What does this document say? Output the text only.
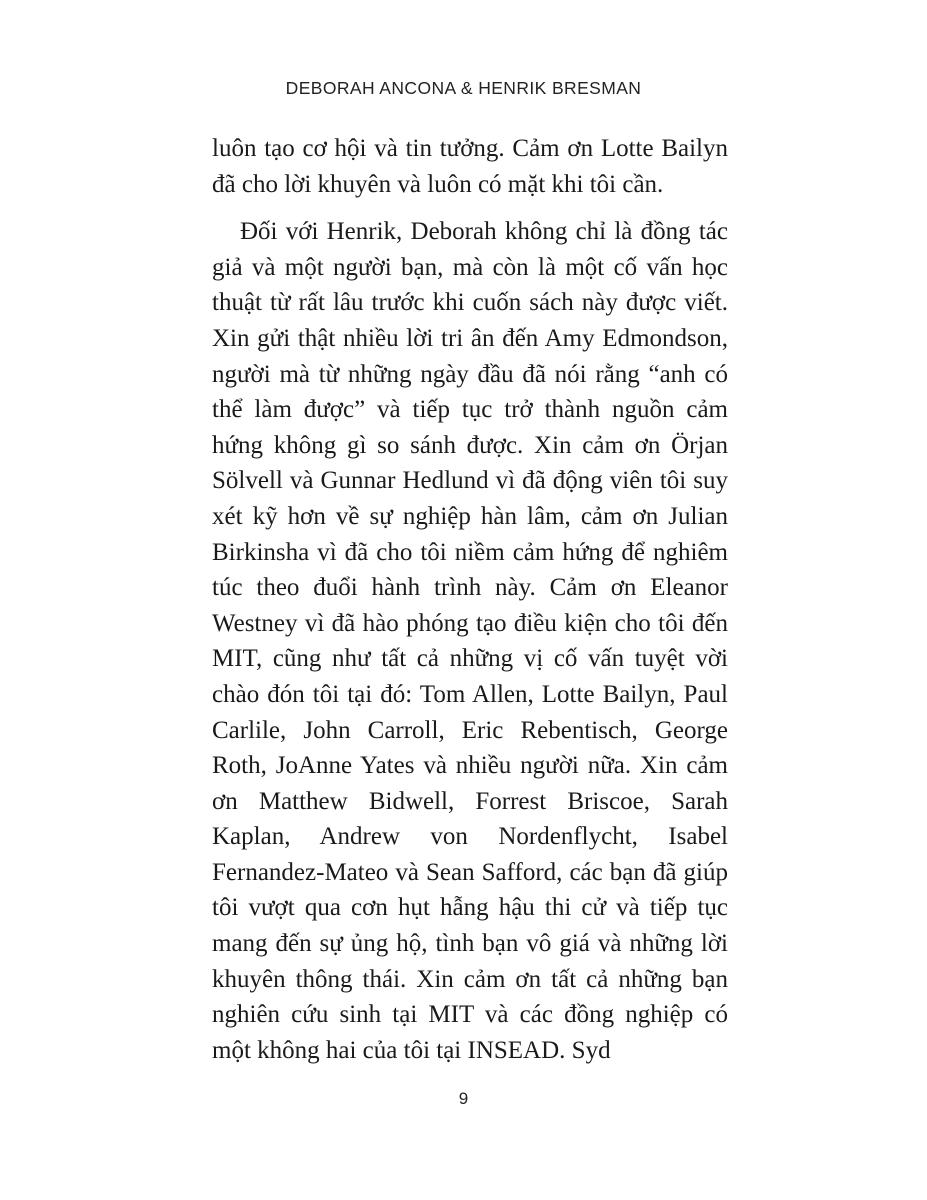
DEBORAH ANCONA & HENRIK BRESMAN

luôn tạo cơ hội và tin tưởng. Cảm ơn Lotte Bailyn đã cho lời khuyên và luôn có mặt khi tôi cần.

Đối với Henrik, Deborah không chỉ là đồng tác giả và một người bạn, mà còn là một cố vấn học thuật từ rất lâu trước khi cuốn sách này được viết. Xin gửi thật nhiều lời tri ân đến Amy Edmondson, người mà từ những ngày đầu đã nói rằng “anh có thể làm được” và tiếp tục trở thành nguồn cảm hứng không gì so sánh được. Xin cảm ơn Örjan Sölvell và Gunnar Hedlund vì đã động viên tôi suy xét kỹ hơn về sự nghiệp hàn lâm, cảm ơn Julian Birkinsha vì đã cho tôi niềm cảm hứng để nghiêm túc theo đuổi hành trình này. Cảm ơn Eleanor Westney vì đã hào phóng tạo điều kiện cho tôi đến MIT, cũng như tất cả những vị cố vấn tuyệt vời chào đón tôi tại đó: Tom Allen, Lotte Bailyn, Paul Carlile, John Carroll, Eric Rebentisch, George Roth, JoAnne Yates và nhiều người nữa. Xin cảm ơn Matthew Bidwell, Forrest Briscoe, Sarah Kaplan, Andrew von Nordenflycht, Isabel Fernandez-Mateo và Sean Safford, các bạn đã giúp tôi vượt qua cơn hụt hẫng hậu thi cử và tiếp tục mang đến sự ủng hộ, tình bạn vô giá và những lời khuyên thông thái. Xin cảm ơn tất cả những bạn nghiên cứu sinh tại MIT và các đồng nghiệp có một không hai của tôi tại INSEAD. Syd

9
